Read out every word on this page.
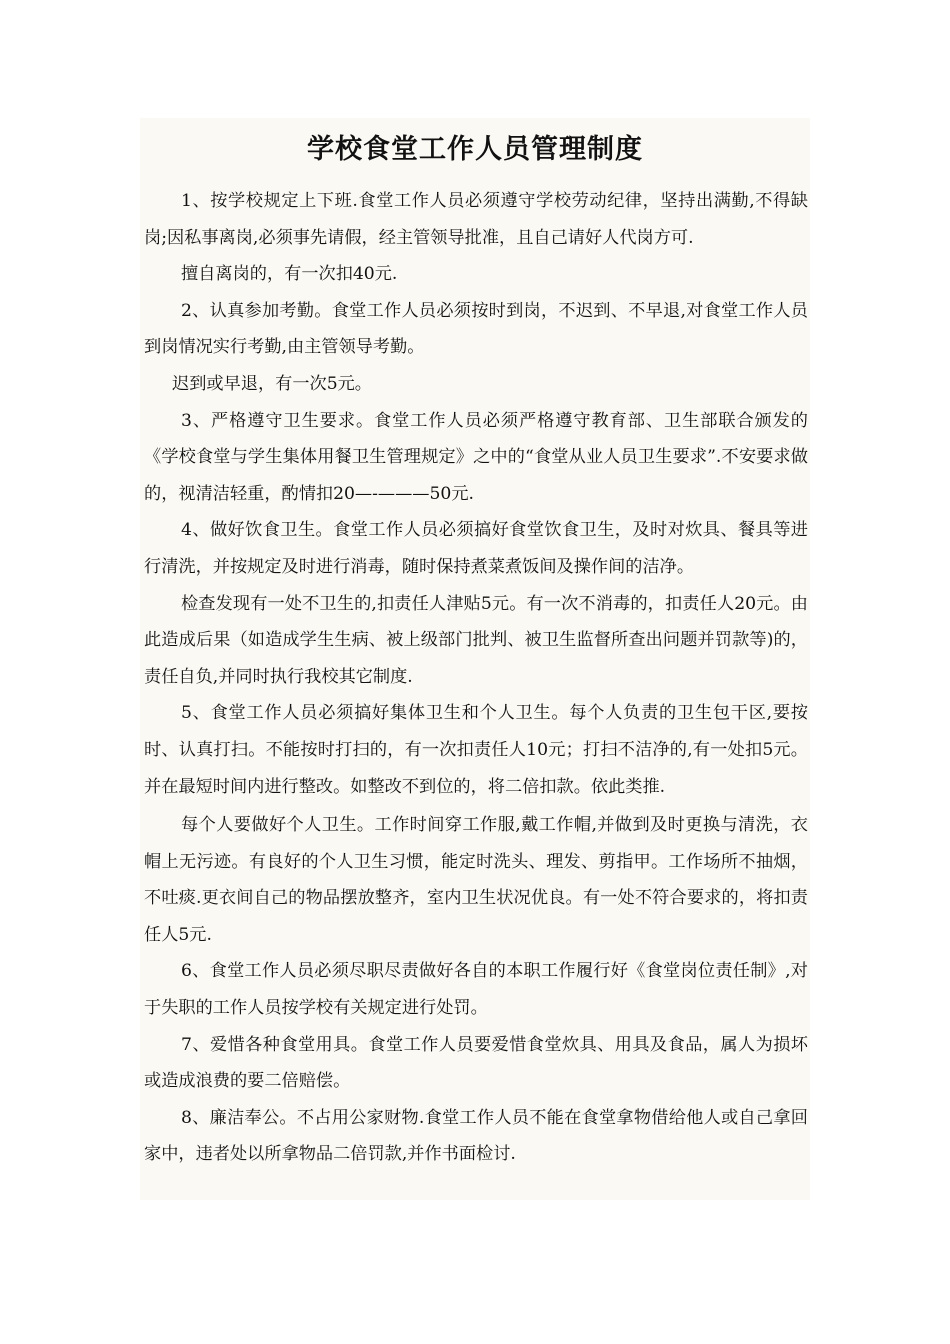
学校食堂工作人员管理制度

1、按学校规定上下班.食堂工作人员必须遵守学校劳动纪律，坚持出满勤,不得缺岗;因私事离岗,必须事先请假，经主管领导批准，且自己请好人代岗方可.

擅自离岗的，有一次扣40元.

2、认真参加考勤。食堂工作人员必须按时到岗，不迟到、不早退,对食堂工作人员到岗情况实行考勤,由主管领导考勤。

迟到或早退，有一次5元。

3、严格遵守卫生要求。食堂工作人员必须严格遵守教育部、卫生部联合颁发的《学校食堂与学生集体用餐卫生管理规定》之中的“食堂从业人员卫生要求”.不安要求做的，视清洁轻重，酌情扣20—-———50元.

4、做好饮食卫生。食堂工作人员必须搞好食堂饮食卫生，及时对炊具、餐具等进行清洗，并按规定及时进行消毒，随时保持煮菜煮饭间及操作间的洁净。

检查发现有一处不卫生的,扣责任人津贴5元。有一次不消毒的，扣责任人20元。由此造成后果（如造成学生生病、被上级部门批判、被卫生监督所查出问题并罚款等)的，责任自负,并同时执行我校其它制度.

5、食堂工作人员必须搞好集体卫生和个人卫生。每个人负责的卫生包干区,要按时、认真打扫。不能按时打扫的，有一次扣责任人10元；打扫不洁净的,有一处扣5元。并在最短时间内进行整改。如整改不到位的，将二倍扣款。依此类推.

每个人要做好个人卫生。工作时间穿工作服,戴工作帽,并做到及时更换与清洗，衣帽上无污迹。有良好的个人卫生习惯，能定时洗头、理发、剪指甲。工作场所不抽烟，不吐痰.更衣间自己的物品摆放整齐，室内卫生状况优良。有一处不符合要求的，将扣责任人5元.

6、食堂工作人员必须尽职尽责做好各自的本职工作履行好《食堂岗位责任制》,对于失职的工作人员按学校有关规定进行处罚。

7、爱惜各种食堂用具。食堂工作人员要爱惜食堂炊具、用具及食品，属人为损坏或造成浪费的要二倍赔偿。

8、廉洁奉公。不占用公家财物.食堂工作人员不能在食堂拿物借给他人或自己拿回家中，违者处以所拿物品二倍罚款,并作书面检讨.
